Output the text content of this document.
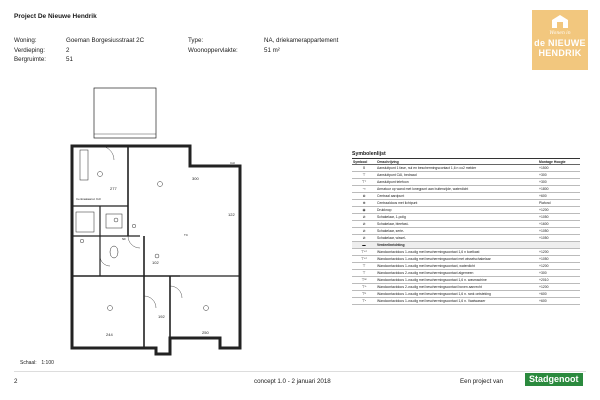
Project De Nieuwe Hendrik
Woning:	Goeman Borgesiusstraat 2C
Verdieping:	2
Bergruimte:	51
Type:	NA, driekamerappartement
Woonoppervlakte:	51 m²
Wonen in
de NIEUWE
HENDRIK
277
300
122
244	250
192
102
Centraalaansl. Kdl
CAI
TC
NF
Schaal: 1:100
Symbolenlijst
Symbool	Omschrijving	Montage Hoogte
⊻	Aansluitpunt 1 fase, nul en beschermingscontact 1,6 n co2 melder	+1500
⊤	Aansluitpunt CAI, bedraad	+300
⊤ᵀ	Aansluitpunt telefoon	+300
⊸	Armatuur op wand met lonegpunt aan buitenzijde, waterdicht	+1800
⊗	Centraal aardpunt	+600
⊕	Centraaldoos met lichtpunt	Plafond
◉	Drukknop	+1200
⊘	Schakelaar, 1-polig	+1050
⊘	Schakelaar, bleefast-	+1600
⊘	Schakelaar, serie-	+1050
⊘	Schakelaar, wissel-	+1050
▬	Verdeelinrichting	
⊤ᴬᵀ	Wandcontactdoos 1-voudig met beschermingscontact 1,6 n koelkast	+1200
⊤ᴬᵀ	Wandcontactdoos 1-voudig met beschermingscontact met wisselschakelaar	+1050
⊤	Wandcontactdoos 1-voudig met beschermingscontact, waterdicht	+1200
⊤	Wandcontactdoos 2-voudig met beschermingscontact algemeen	+300
⊤ᵂ	Wandcontactdoos 1-voudig met beschermingscontact 1,6 n. wasmachine	+2010
⊤ᴬ	Wandcontactdoos 2-voudig met beschermingscontact boven aanrecht	+1200
⊤ᴷ	Wandcontactdoos 1-voudig met beschermingscontact 1,6 n. rank ontsteking	+600
⊤ᵛ	Wandcontactdoos 1-voudig met beschermingscontact 1,6 n. Vaatwasser	+600
2	concept 1.0 - 2 januari 2018	Een project van	Stadgenoot
